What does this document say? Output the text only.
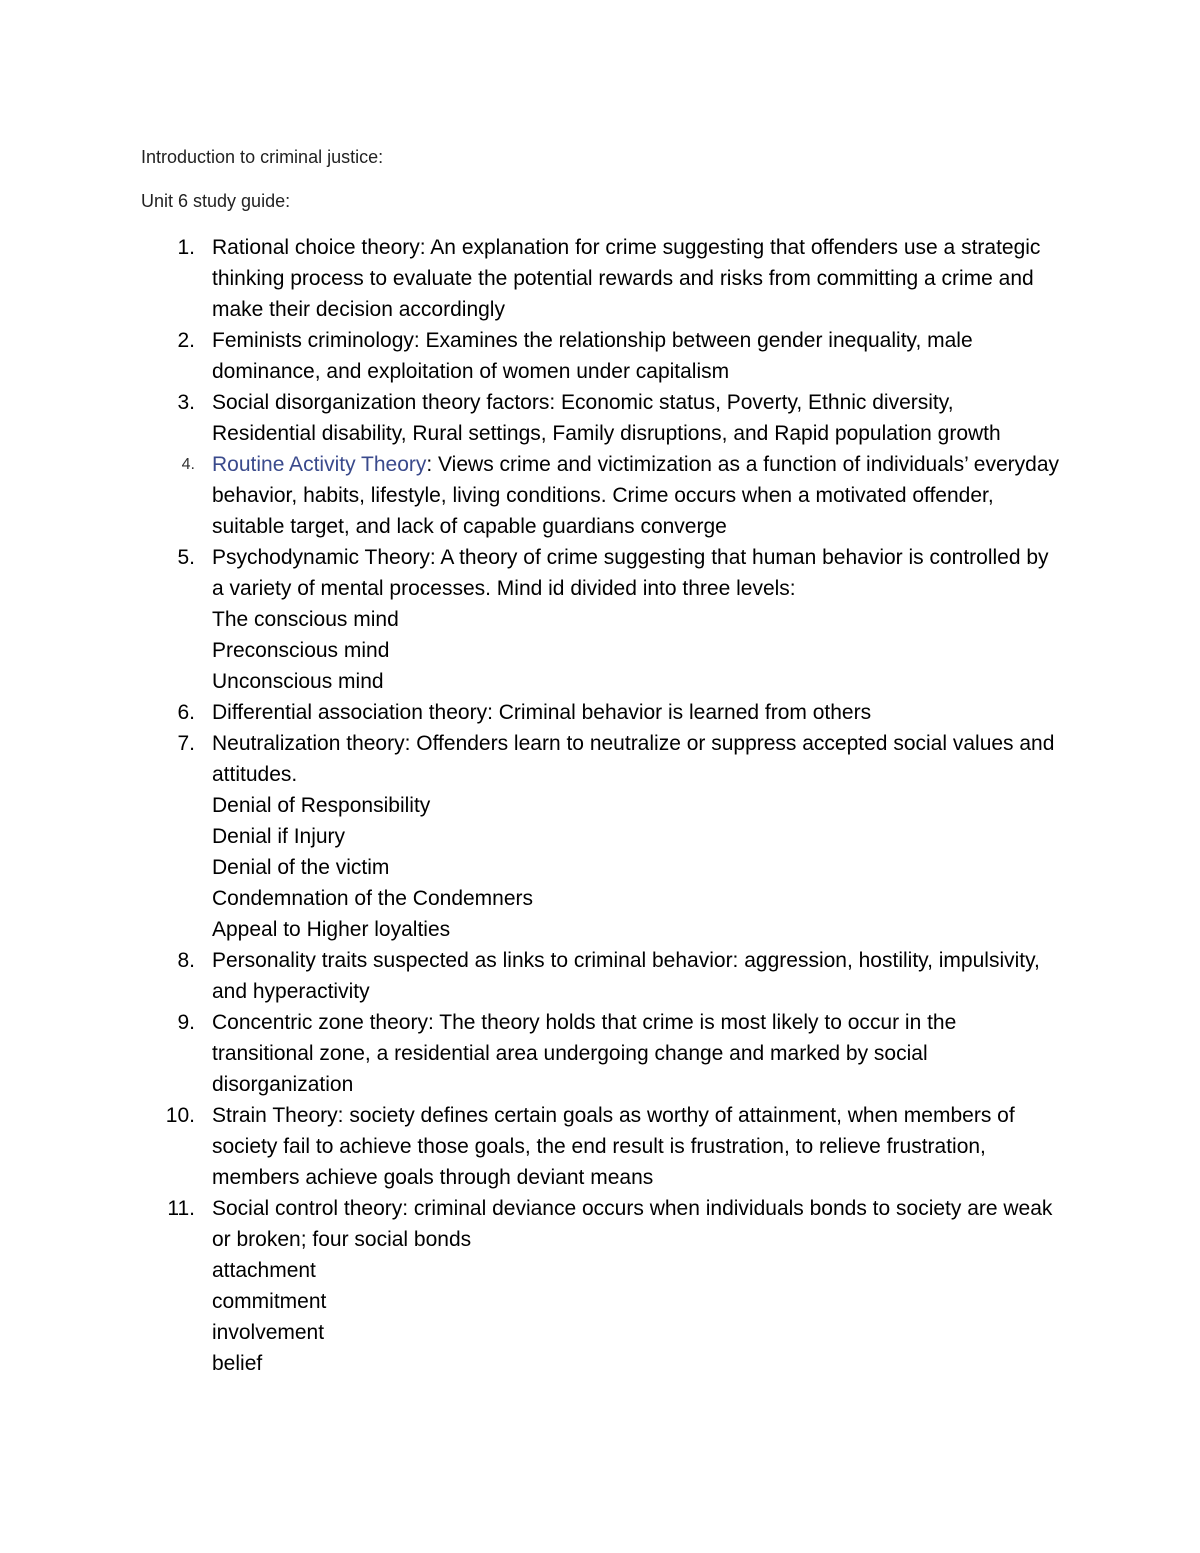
Introduction to criminal justice:
Unit 6 study guide:
1. Rational choice theory: An explanation for crime suggesting that offenders use a strategic thinking process to evaluate the potential rewards and risks from committing a crime and make their decision accordingly
2. Feminists criminology: Examines the relationship between gender inequality, male dominance, and exploitation of women under capitalism
3. Social disorganization theory factors: Economic status, Poverty, Ethnic diversity, Residential disability, Rural settings, Family disruptions, and Rapid population growth
4. Routine Activity Theory: Views crime and victimization as a function of individuals’ everyday behavior, habits, lifestyle, living conditions. Crime occurs when a motivated offender, suitable target, and lack of capable guardians converge
5. Psychodynamic Theory: A theory of crime suggesting that human behavior is controlled by a variety of mental processes. Mind id divided into three levels:
The conscious mind
Preconscious mind
Unconscious mind
6. Differential association theory: Criminal behavior is learned from others
7. Neutralization theory: Offenders learn to neutralize or suppress accepted social values and attitudes.
Denial of Responsibility
Denial if Injury
Denial of the victim
Condemnation of the Condemners
Appeal to Higher loyalties
8. Personality traits suspected as links to criminal behavior: aggression, hostility, impulsivity, and hyperactivity
9. Concentric zone theory: The theory holds that crime is most likely to occur in the transitional zone, a residential area undergoing change and marked by social disorganization
10. Strain Theory: society defines certain goals as worthy of attainment, when members of society fail to achieve those goals, the end result is frustration, to relieve frustration, members achieve goals through deviant means
11. Social control theory: criminal deviance occurs when individuals bonds to society are weak or broken; four social bonds
attachment
commitment
involvement
belief
